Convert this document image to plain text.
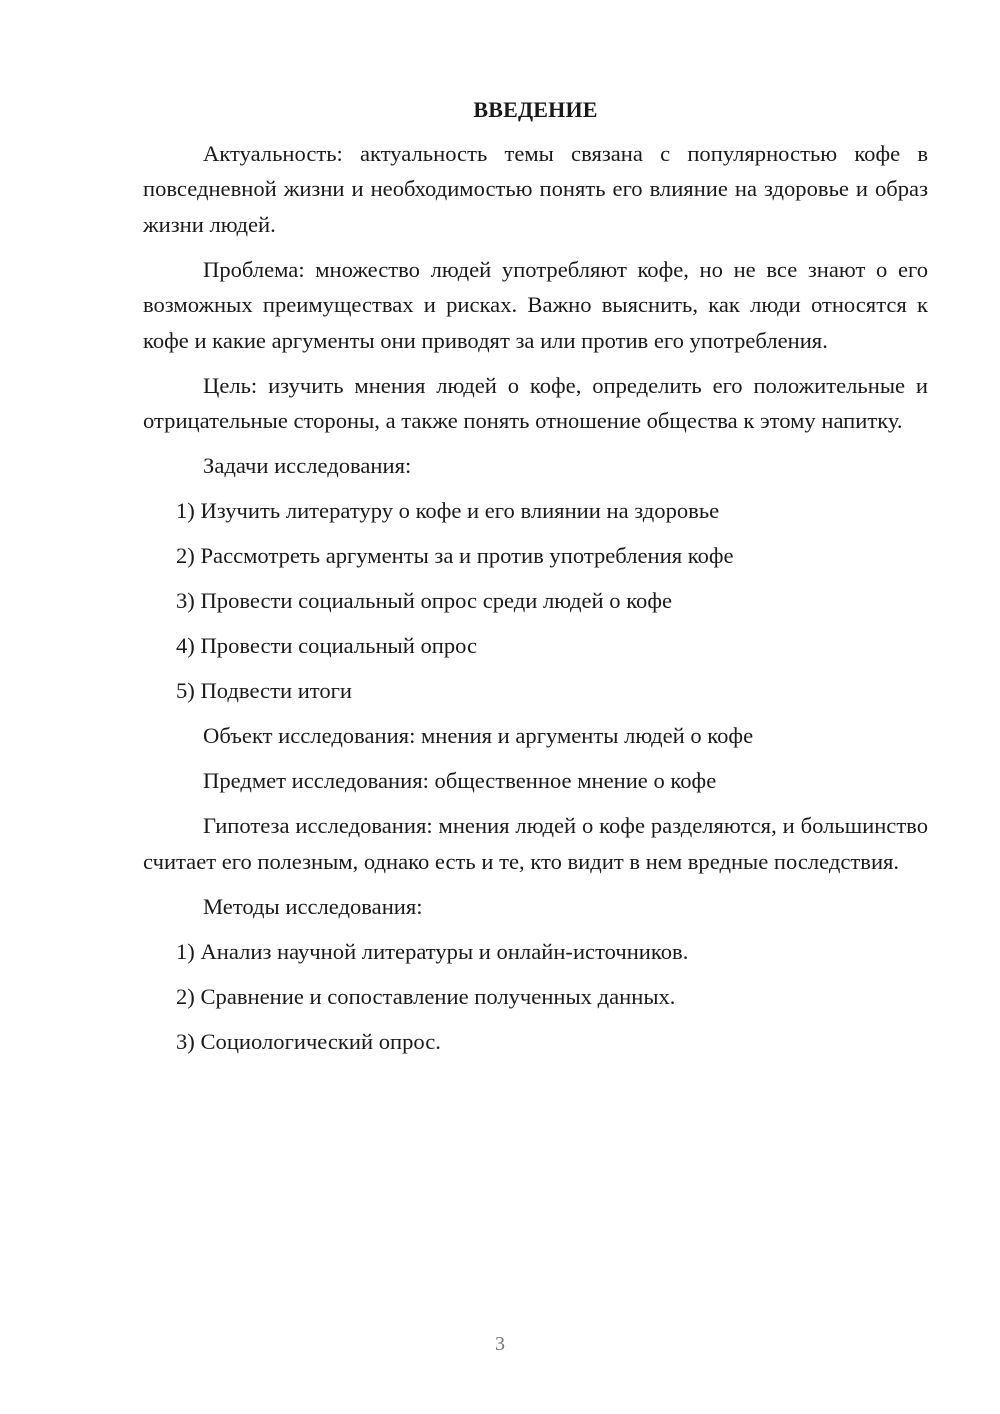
ВВЕДЕНИЕ

Актуальность: актуальность темы связана с популярностью кофе в повседневной жизни и необходимостью понять его влияние на здоровье и образ жизни людей.

Проблема: множество людей употребляют кофе, но не все знают о его возможных преимуществах и рисках. Важно выяснить, как люди относятся к кофе и какие аргументы они приводят за или против его употребления.

Цель: изучить мнения людей о кофе, определить его положительные и отрицательные стороны, а также понять отношение общества к этому напитку.

Задачи исследования:

1) Изучить литературу о кофе и его влиянии на здоровье

2) Рассмотреть аргументы за и против употребления кофе

3) Провести социальный опрос среди людей о кофе

4) Провести социальный опрос

5) Подвести итоги

Объект исследования: мнения и аргументы людей о кофе

Предмет исследования: общественное мнение о кофе

Гипотеза исследования: мнения людей о кофе разделяются, и большинство считает его полезным, однако есть и те, кто видит в нем вредные последствия.

Методы исследования:

1) Анализ научной литературы и онлайн-источников.

2) Сравнение и сопоставление полученных данных.

3) Социологический опрос.

3
